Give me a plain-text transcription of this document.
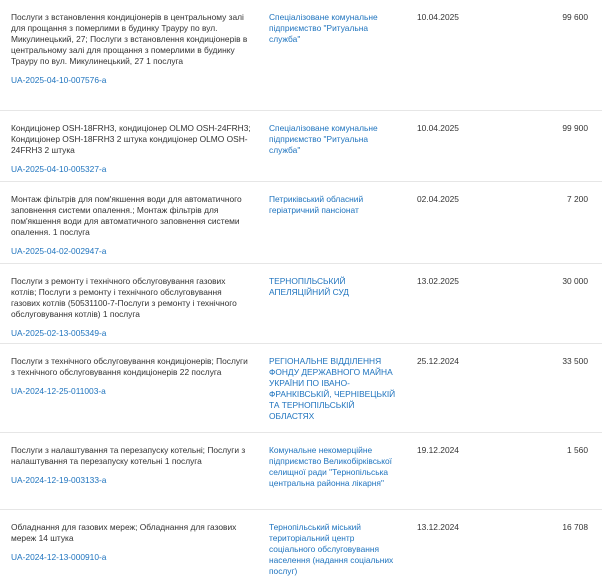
Послуги з встановлення кондиціонерів в центральному залі для прощання з померлими в будинку Трауру по вул. Микулинецький, 27; Послуги з встановлення кондиціонерів в центральному залі для прощання з померлими в будинку Трауру по вул. Микулинецький, 27 1 послуга
UA-2025-04-10-007576-a
Спеціалізоване комунальне підприємство "Ритуальна служба"
10.04.2025	99 600
Кондиціонер OSH-18FRH3, кондиціонер OLMO OSH-24FRH3; Кондиціонер OSH-18FRH3 2 штука кондиціонер OLMO OSH-24FRH3 2 штука
UA-2025-04-10-005327-a
Спеціалізоване комунальне підприємство "Ритуальна служба"
10.04.2025	99 900
Монтаж фільтрів для пом'якшення води для автоматичного заповнення системи опалення.; Монтаж фільтрів для пом'якшення води для автоматичного заповнення системи опалення. 1 послуга
UA-2025-04-02-002947-a
Петриківський обласний геріатричний пансіонат
02.04.2025	7 200
Послуги з ремонту і технічного обслуговування газових котлів; Послуги з ремонту і технічного обслуговування газових котлів (50531100-7-Послуги з ремонту і технічного обслуговування котлів) 1 послуга
UA-2025-02-13-005349-a
ТЕРНОПІЛЬСЬКИЙ АПЕЛЯЦІЙНИЙ СУД
13.02.2025	30 000
Послуги з технічного обслуговування кондиціонерів; Послуги з технічного обслуговування кондиціонерів 22 послуга
UA-2024-12-25-011003-a
РЕГІОНАЛЬНЕ ВІДДІЛЕННЯ ФОНДУ ДЕРЖАВНОГО МАЙНА УКРАЇНИ ПО ІВАНО-ФРАНКІВСЬКІЙ, ЧЕРНІВЕЦЬКІЙ ТА ТЕРНОПІЛЬСЬКІЙ ОБЛАСТЯХ
25.12.2024	33 500
Послуги з налаштування та перезапуску котельні; Послуги з налаштування та перезапуску котельні 1 послуга
UA-2024-12-19-003133-a
Комунальне некомерційне підприємство Великобірківської селищної ради "Тернопільська центральна районна лікарня"
19.12.2024	1 560
Обладнання для газових мереж; Обладнання для газових мереж 14 штука
UA-2024-12-13-000910-a
Тернопільський міський територіальний центр соціального обслуговування населення (надання соціальних послуг)
13.12.2024	16 708
